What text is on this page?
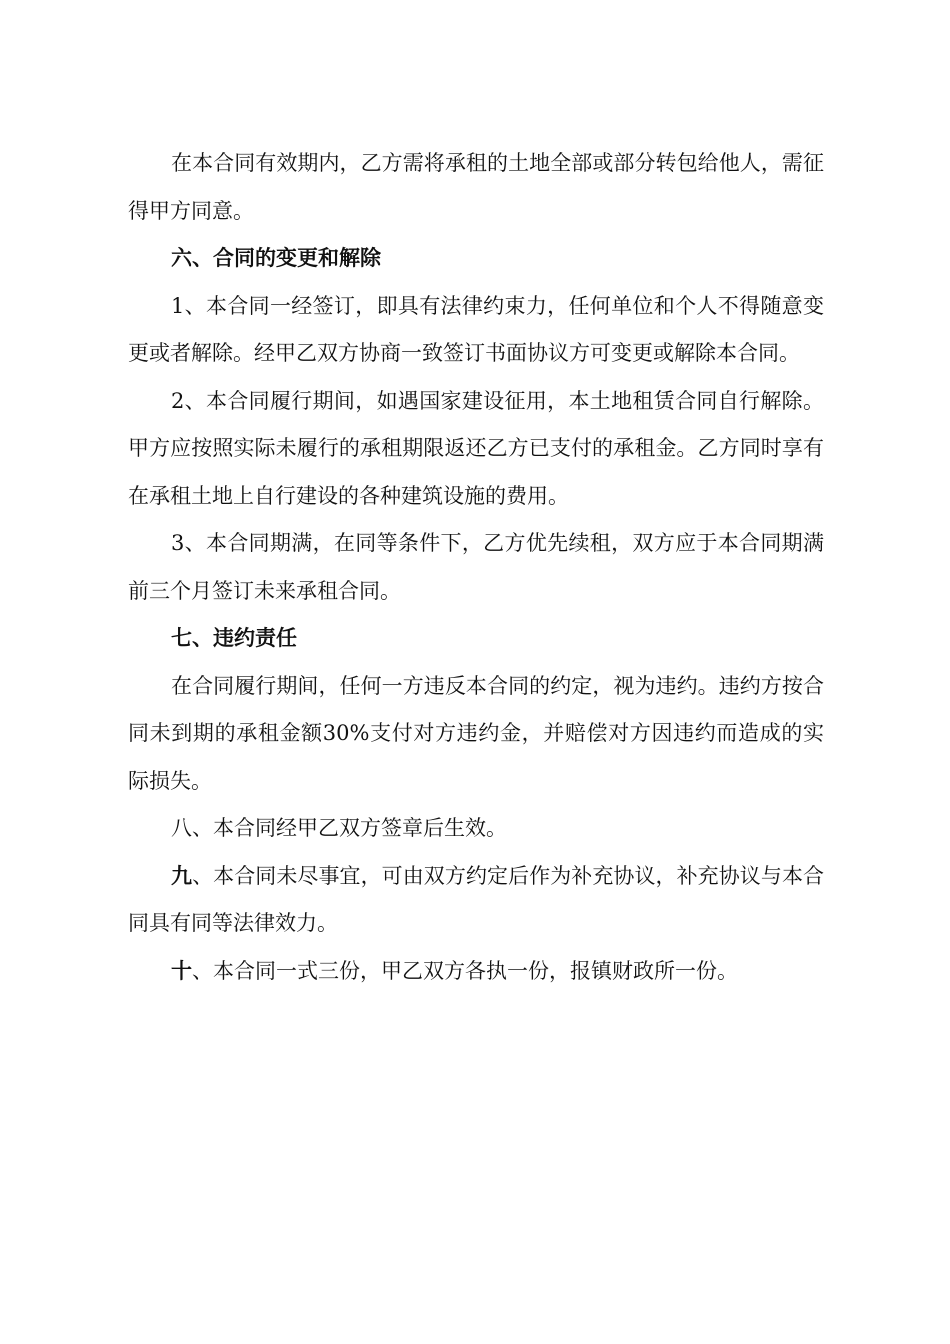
在本合同有效期内，乙方需将承租的土地全部或部分转包给他人，需征得甲方同意。

六、合同的变更和解除

1、本合同一经签订，即具有法律约束力，任何单位和个人不得随意变更或者解除。经甲乙双方协商一致签订书面协议方可变更或解除本合同。

2、本合同履行期间，如遇国家建设征用，本土地租赁合同自行解除。甲方应按照实际未履行的承租期限返还乙方已支付的承租金。乙方同时享有在承租土地上自行建设的各种建筑设施的费用。

3、本合同期满，在同等条件下，乙方优先续租，双方应于本合同期满前三个月签订未来承租合同。

七、违约责任

在合同履行期间，任何一方违反本合同的约定，视为违约。违约方按合同未到期的承租金额30%支付对方违约金，并赔偿对方因违约而造成的实际损失。

八、本合同经甲乙双方签章后生效。

九、本合同未尽事宜，可由双方约定后作为补充协议，补充协议与本合同具有同等法律效力。

十、本合同一式三份，甲乙双方各执一份，报镇财政所一份。
